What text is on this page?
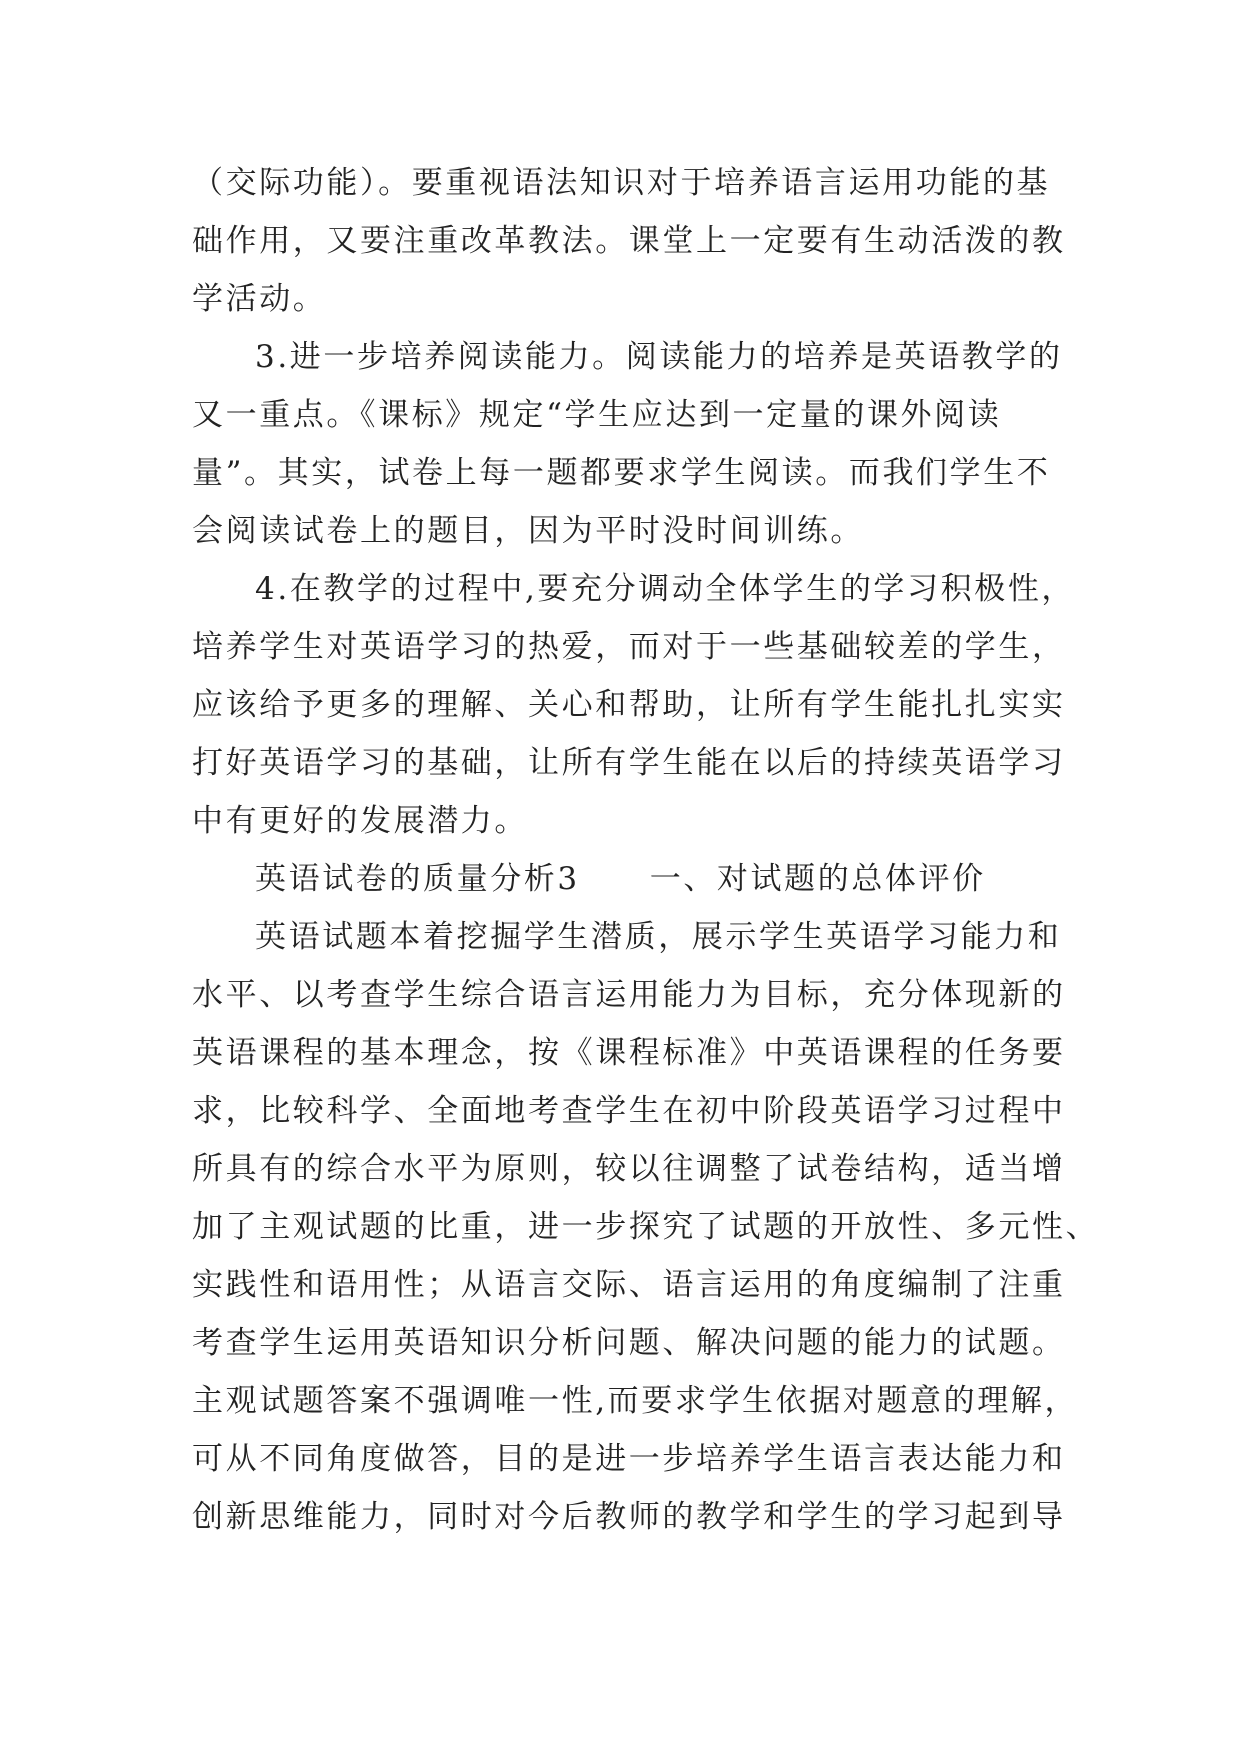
（交际功能）。要重视语法知识对于培养语言运用功能的基
础作用，又要注重改革教法。课堂上一定要有生动活泼的教
学活动。
3.进一步培养阅读能力。阅读能力的培养是英语教学的
又一重点。《课标》规定“学生应达到一定量的课外阅读
量”。其实，试卷上每一题都要求学生阅读。而我们学生不
会阅读试卷上的题目，因为平时没时间训练。
4.在教学的过程中,要充分调动全体学生的学习积极性，
培养学生对英语学习的热爱，而对于一些基础较差的学生，
应该给予更多的理解、关心和帮助，让所有学生能扎扎实实
打好英语学习的基础，让所有学生能在以后的持续英语学习
中有更好的发展潜力。
英语试卷的质量分析3 一、对试题的总体评价
英语试题本着挖掘学生潜质，展示学生英语学习能力和
水平、以考查学生综合语言运用能力为目标，充分体现新的
英语课程的基本理念，按《课程标准》中英语课程的任务要
求，比较科学、全面地考查学生在初中阶段英语学习过程中
所具有的综合水平为原则，较以往调整了试卷结构，适当增
加了主观试题的比重，进一步探究了试题的开放性、多元性、
实践性和语用性；从语言交际、语言运用的角度编制了注重
考查学生运用英语知识分析问题、解决问题的能力的试题。
主观试题答案不强调唯一性,而要求学生依据对题意的理解，
可从不同角度做答，目的是进一步培养学生语言表达能力和
创新思维能力，同时对今后教师的教学和学生的学习起到导
